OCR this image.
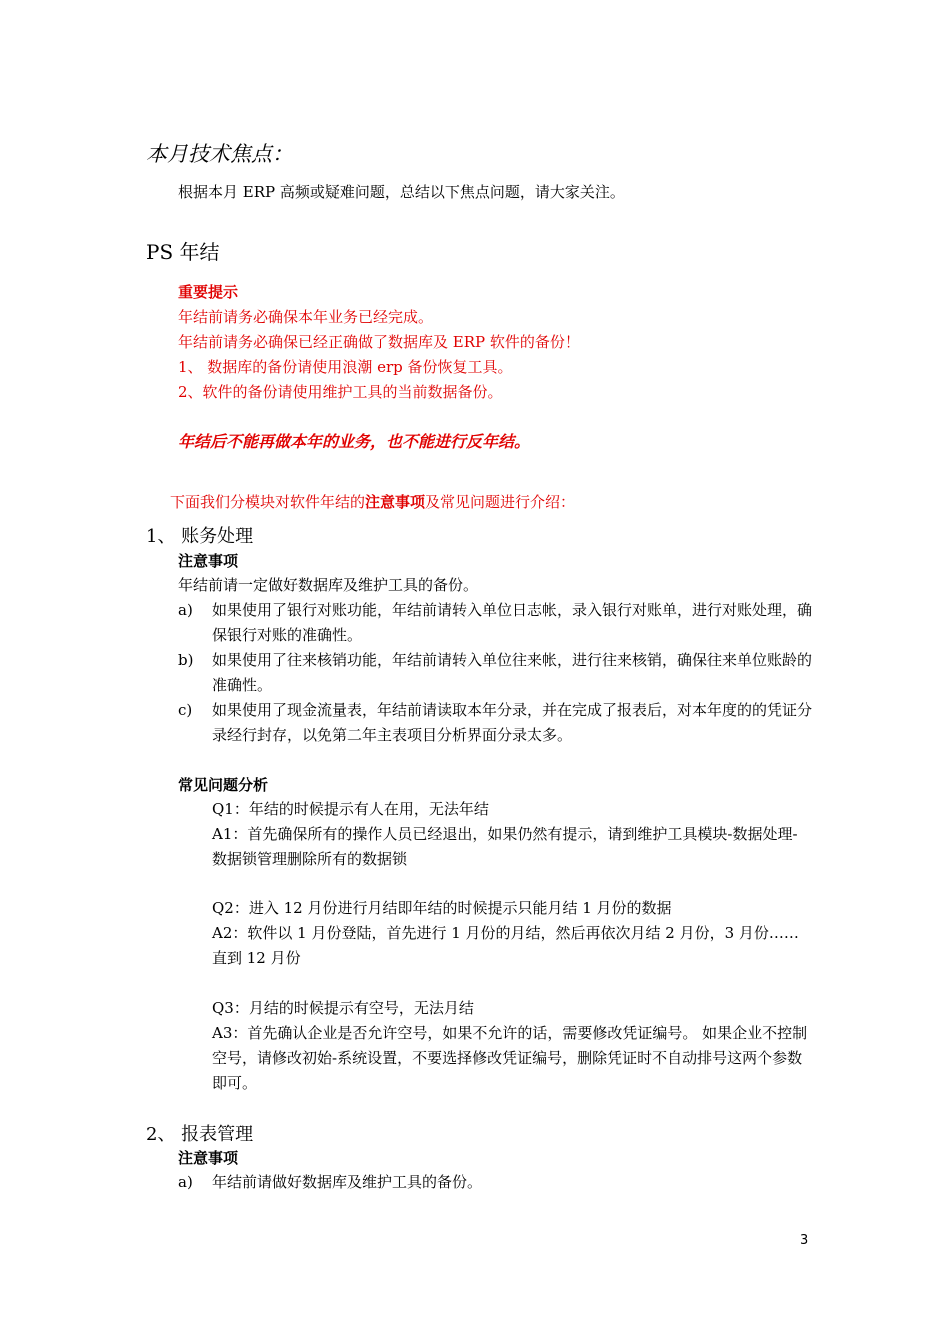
本月技术焦点：
根据本月 ERP 高频或疑难问题，总结以下焦点问题，请大家关注。
PS 年结
重要提示
年结前请务必确保本年业务已经完成。
年结前请务必确保已经正确做了数据库及 ERP 软件的备份！
1、 数据库的备份请使用浪潮 erp 备份恢复工具。
2、软件的备份请使用维护工具的当前数据备份。
年结后不能再做本年的业务，也不能进行反年结。
下面我们分模块对软件年结的注意事项及常见问题进行介绍：
1、 账务处理
注意事项
年结前请一定做好数据库及维护工具的备份。
a) 如果使用了银行对账功能，年结前请转入单位日志帐，录入银行对账单，进行对账处理，确保银行对账的准确性。
b) 如果使用了往来核销功能，年结前请转入单位往来帐，进行往来核销，确保往来单位账龄的准确性。
c) 如果使用了现金流量表，年结前请读取本年分录，并在完成了报表后，对本年度的的凭证分录经行封存，以免第二年主表项目分析界面分录太多。
常见问题分析
Q1：年结的时候提示有人在用，无法年结
A1：首先确保所有的操作人员已经退出，如果仍然有提示，请到维护工具模块-数据处理-数据锁管理删除所有的数据锁
Q2：进入 12 月份进行月结即年结的时候提示只能月结 1 月份的数据
A2：软件以 1 月份登陆，首先进行 1 月份的月结，然后再依次月结 2 月份，3 月份……直到 12 月份
Q3：月结的时候提示有空号，无法月结
A3：首先确认企业是否允许空号，如果不允许的话，需要修改凭证编号。 如果企业不控制空号，请修改初始-系统设置，不要选择修改凭证编号，删除凭证时不自动排号这两个参数即可。
2、 报表管理
注意事项
a) 年结前请做好数据库及维护工具的备份。
3
